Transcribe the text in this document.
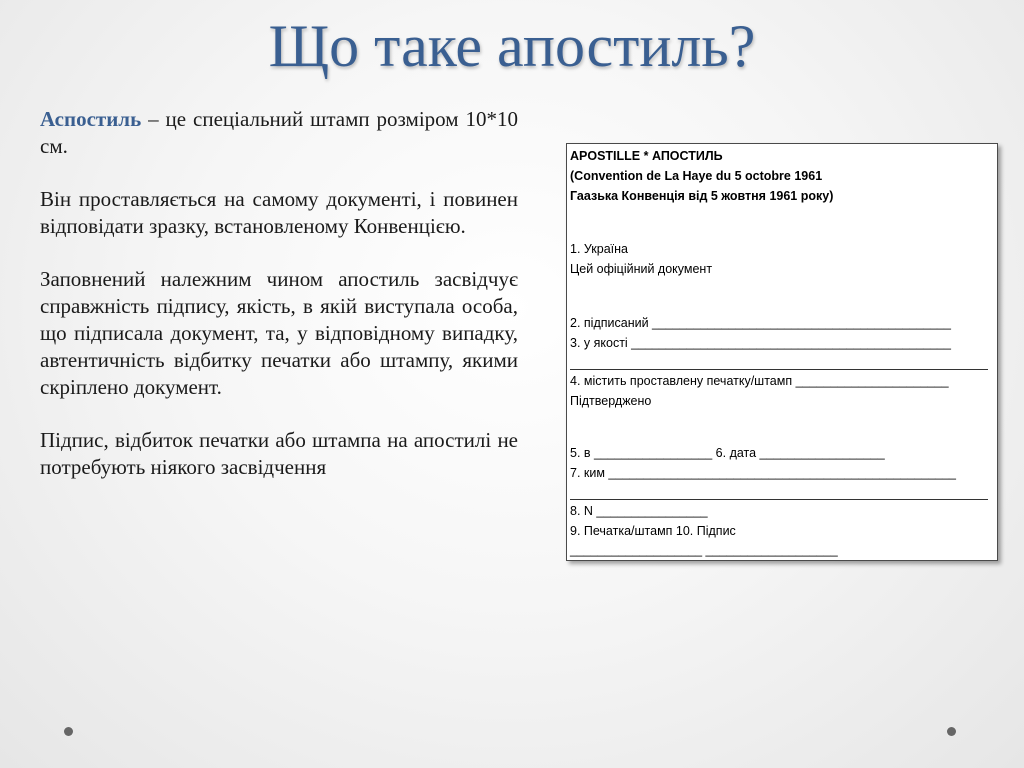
Що таке апостиль?

Аспостиль – це спеціальний штамп розміром 10*10 см.

Він проставляється на самому документі, і повинен відповідати зразку, встановленому Конвенцією.

Заповнений належним чином апостиль засвідчує справжність підпису, якість, в якій виступала особа, що підписала документ, та, у відповідному випадку, автентичність відбитку печатки або штампу, якими скріплено документ.

Підпис, відбиток печатки або штампа на апостилі не потребують ніякого засвідчення

APOSTILLE * АПОСТИЛЬ
(Convention de La Haye du 5 octobre 1961
Гаазька Конвенція від 5 жовтня 1961 року)
1. Україна
Цей офіційний документ
2. підписаний ___________________________________________
3. у якості ______________________________________________
4. містить проставлену печатку/штамп ______________________
Підтверджено
5. в _________________ 6. дата __________________
7. ким __________________________________________________
8. N ________________
9. Печатка/штамп 10. Підпис
___________________ ___________________
